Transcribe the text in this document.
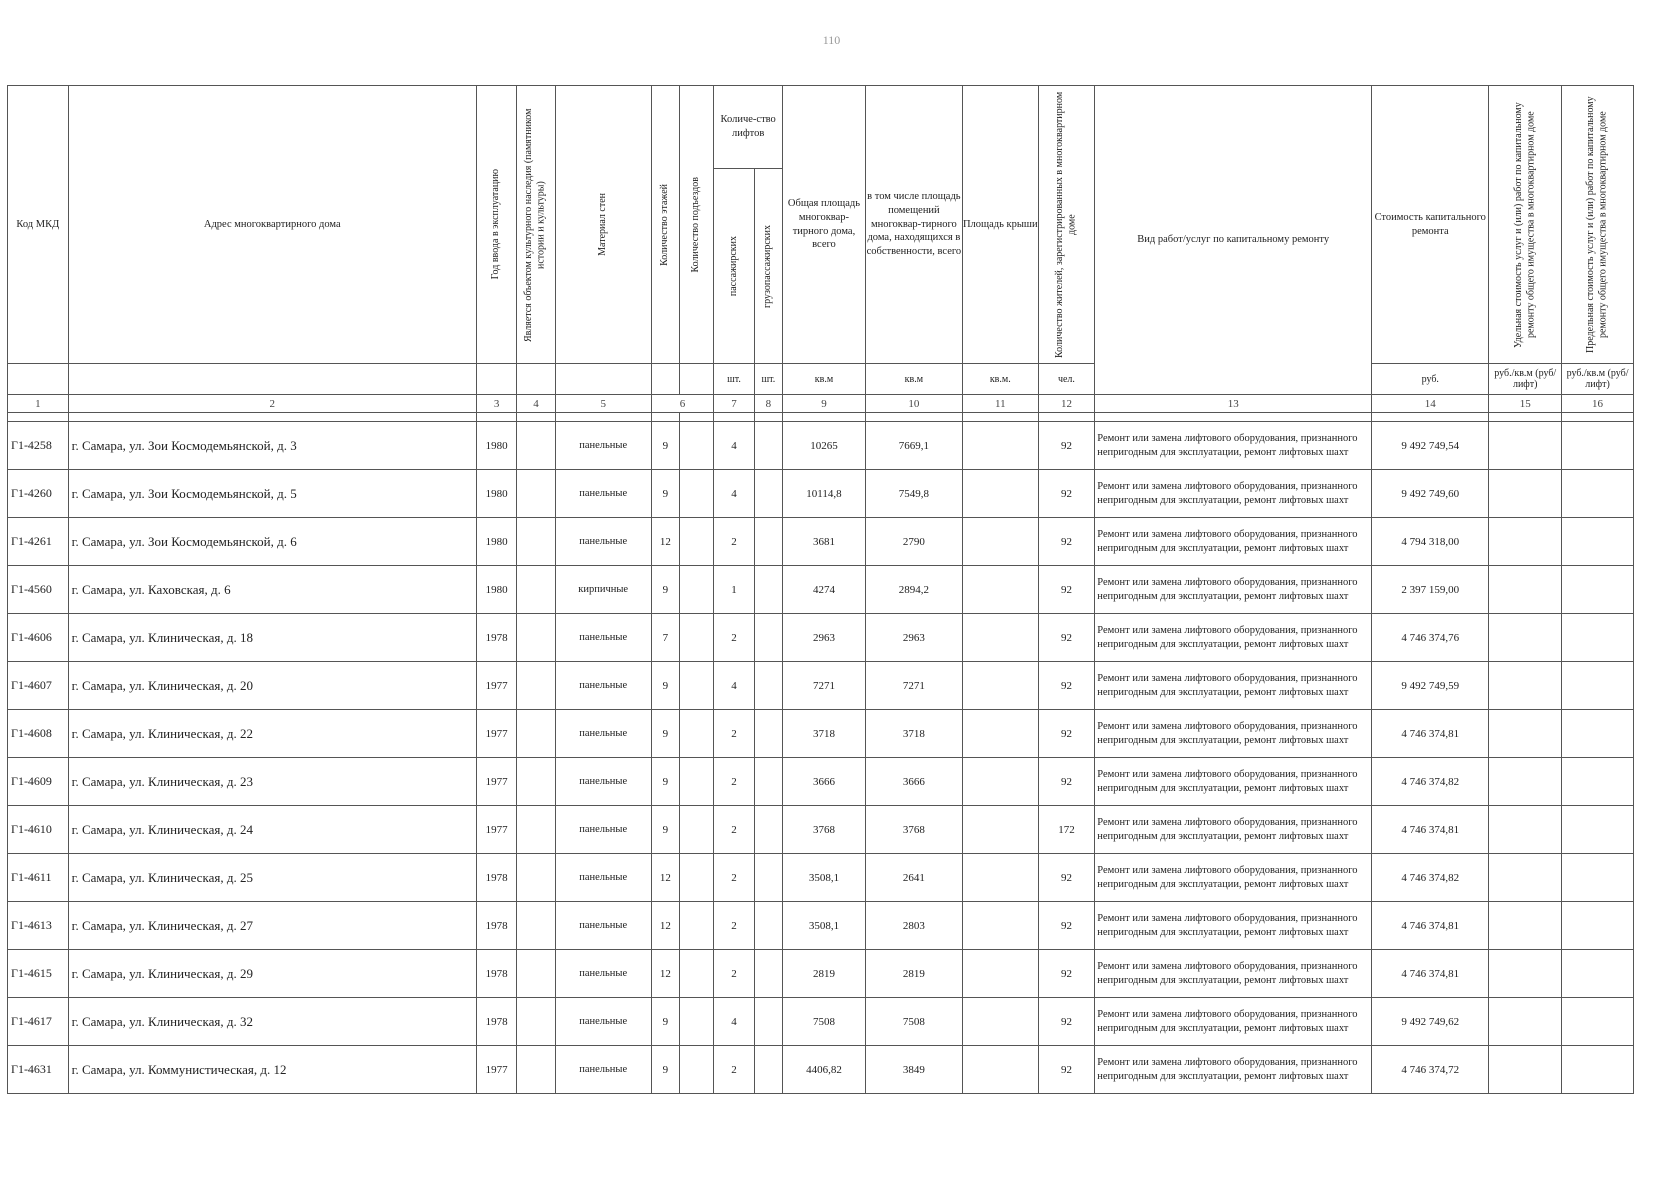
110
Код МКД	Адрес многоквартирного дома	Год ввода в эксплуатацию	Является объектом культурного наследия (памятником истории и культуры)	Материал стен	Количество этажей	Количество подъездов	Количе-ство лифтов		Общая площадь многоквар-тирного дома, всего	в том числе площадь помещений многоквар-тирного дома, находящихся в собственности, всего	Площадь крыши	Количество жителей, зарегистрированных в многоквартирном доме	Вид работ/услуг по капитальному ремонту	Стоимость капитального ремонта	Удельная стоимость услуг и (или) работ по капитальному ремонту общего имущества в многоквартирном доме	Предельная стоимость услуг и (или) работ по капитальному ремонту общего имущества в многоквартирном доме

							пассажирских	грузопассажирских								

							шт.	шт.	кв.м	кв.м	кв.м.	чел.		руб.	руб./кв.м (руб/лифт)	руб./кв.м (руб/лифт)
1	2	3	4	5	6		7	8	9	10	11	12	13	14	15	16

Г1-4258	г. Самара, ул. Зои Космодемьянской, д. 3	1980		панельные	9		4		10265	7669,1		92	Ремонт или замена лифтового оборудования, признанного непригодным для эксплуатации, ремонт лифтовых шахт	9 492 749,54		
Г1-4260	г. Самара, ул. Зои Космодемьянской, д. 5	1980		панельные	9		4		10114,8	7549,8		92	Ремонт или замена лифтового оборудования, признанного непригодным для эксплуатации, ремонт лифтовых шахт	9 492 749,60		
Г1-4261	г. Самара, ул. Зои Космодемьянской, д. 6	1980		панельные	12		2		3681	2790		92	Ремонт или замена лифтового оборудования, признанного непригодным для эксплуатации, ремонт лифтовых шахт	4 794 318,00		
Г1-4560	г. Самара, ул. Каховская, д. 6	1980		кирпичные	9		1		4274	2894,2		92	Ремонт или замена лифтового оборудования, признанного непригодным для эксплуатации, ремонт лифтовых шахт	2 397 159,00		
Г1-4606	г. Самара, ул. Клиническая, д. 18	1978		панельные	7		2		2963	2963		92	Ремонт или замена лифтового оборудования, признанного непригодным для эксплуатации, ремонт лифтовых шахт	4 746 374,76		
Г1-4607	г. Самара, ул. Клиническая, д. 20	1977		панельные	9		4		7271	7271		92	Ремонт или замена лифтового оборудования, признанного непригодным для эксплуатации, ремонт лифтовых шахт	9 492 749,59		
Г1-4608	г. Самара, ул. Клиническая, д. 22	1977		панельные	9		2		3718	3718		92	Ремонт или замена лифтового оборудования, признанного непригодным для эксплуатации, ремонт лифтовых шахт	4 746 374,81		
Г1-4609	г. Самара, ул. Клиническая, д. 23	1977		панельные	9		2		3666	3666		92	Ремонт или замена лифтового оборудования, признанного непригодным для эксплуатации, ремонт лифтовых шахт	4 746 374,82		
Г1-4610	г. Самара, ул. Клиническая, д. 24	1977		панельные	9		2		3768	3768		172	Ремонт или замена лифтового оборудования, признанного непригодным для эксплуатации, ремонт лифтовых шахт	4 746 374,81		
Г1-4611	г. Самара, ул. Клиническая, д. 25	1978		панельные	12		2		3508,1	2641		92	Ремонт или замена лифтового оборудования, признанного непригодным для эксплуатации, ремонт лифтовых шахт	4 746 374,82		
Г1-4613	г. Самара, ул. Клиническая, д. 27	1978		панельные	12		2		3508,1	2803		92	Ремонт или замена лифтового оборудования, признанного непригодным для эксплуатации, ремонт лифтовых шахт	4 746 374,81		
Г1-4615	г. Самара, ул. Клиническая, д. 29	1978		панельные	12		2		2819	2819		92	Ремонт или замена лифтового оборудования, признанного непригодным для эксплуатации, ремонт лифтовых шахт	4 746 374,81		
Г1-4617	г. Самара, ул. Клиническая, д. 32	1978		панельные	9		4		7508	7508		92	Ремонт или замена лифтового оборудования, признанного непригодным для эксплуатации, ремонт лифтовых шахт	9 492 749,62		
Г1-4631	г. Самара, ул. Коммунистическая, д. 12	1977		панельные	9		2		4406,82	3849		92	Ремонт или замена лифтового оборудования, признанного непригодным для эксплуатации, ремонт лифтовых шахт	4 746 374,72		
